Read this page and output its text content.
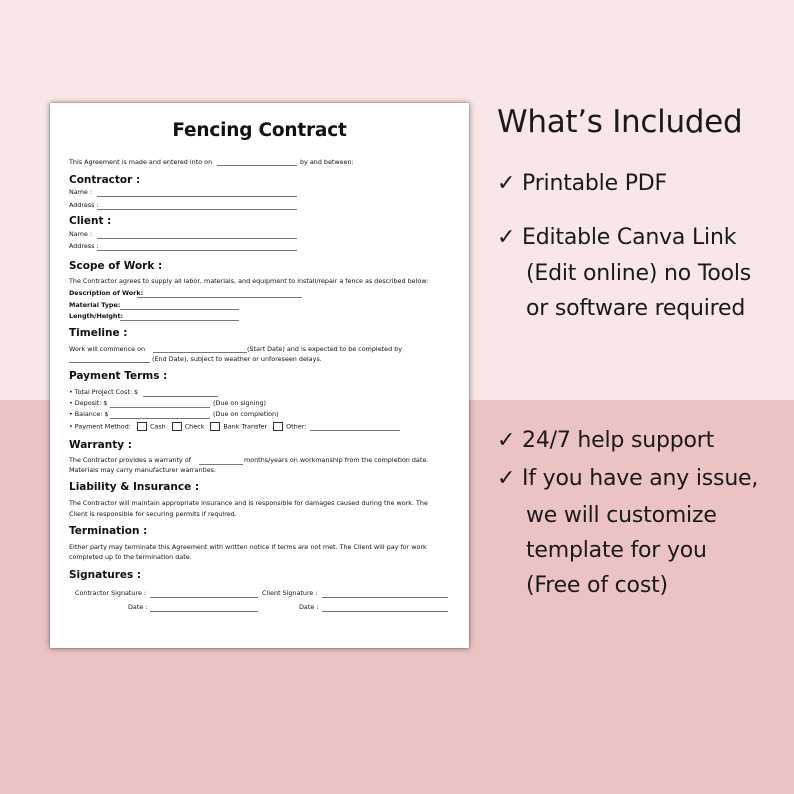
Fencing Contract
This Agreement is made and entered into on	by and between:
Contractor :
Name :
Address :
Client :
Name :
Address :
Scope of Work :
The Contractor agrees to supply all labor, materials, and equipment to install/repair a fence as described below:
Description of Work:
Material Type:
Length/Height:
Timeline :
Work will commence on	(Start Date) and is expected to be completed by
(End Date), subject to weather or unforeseen delays.
Payment Terms :
• Total Project Cost: $
• Deposit: $	(Due on signing)
• Balance: $	(Due on completion)
• Payment Method:	Cash	Check	Bank Transfer	Other:
Warranty :
The Contractor provides a warranty of	months/years on workmanship from the completion date.
Materials may carry manufacturer warranties.
Liability & Insurance :
The Contractor will maintain appropriate insurance and is responsible for damages caused during the work. The
Client is responsible for securing permits if required.
Termination :
Either party may terminate this Agreement with written notice if terms are not met. The Client will pay for work
completed up to the termination date.
Signatures :
Contractor Signature :	Client Signature :
Date :	Date :
What’s Included
✓ Printable PDF
✓ Editable Canva Link
(Edit online) no Tools
or software required
✓ 24/7 help support
✓ If you have any issue,
we will customize
template for you
(Free of cost)
